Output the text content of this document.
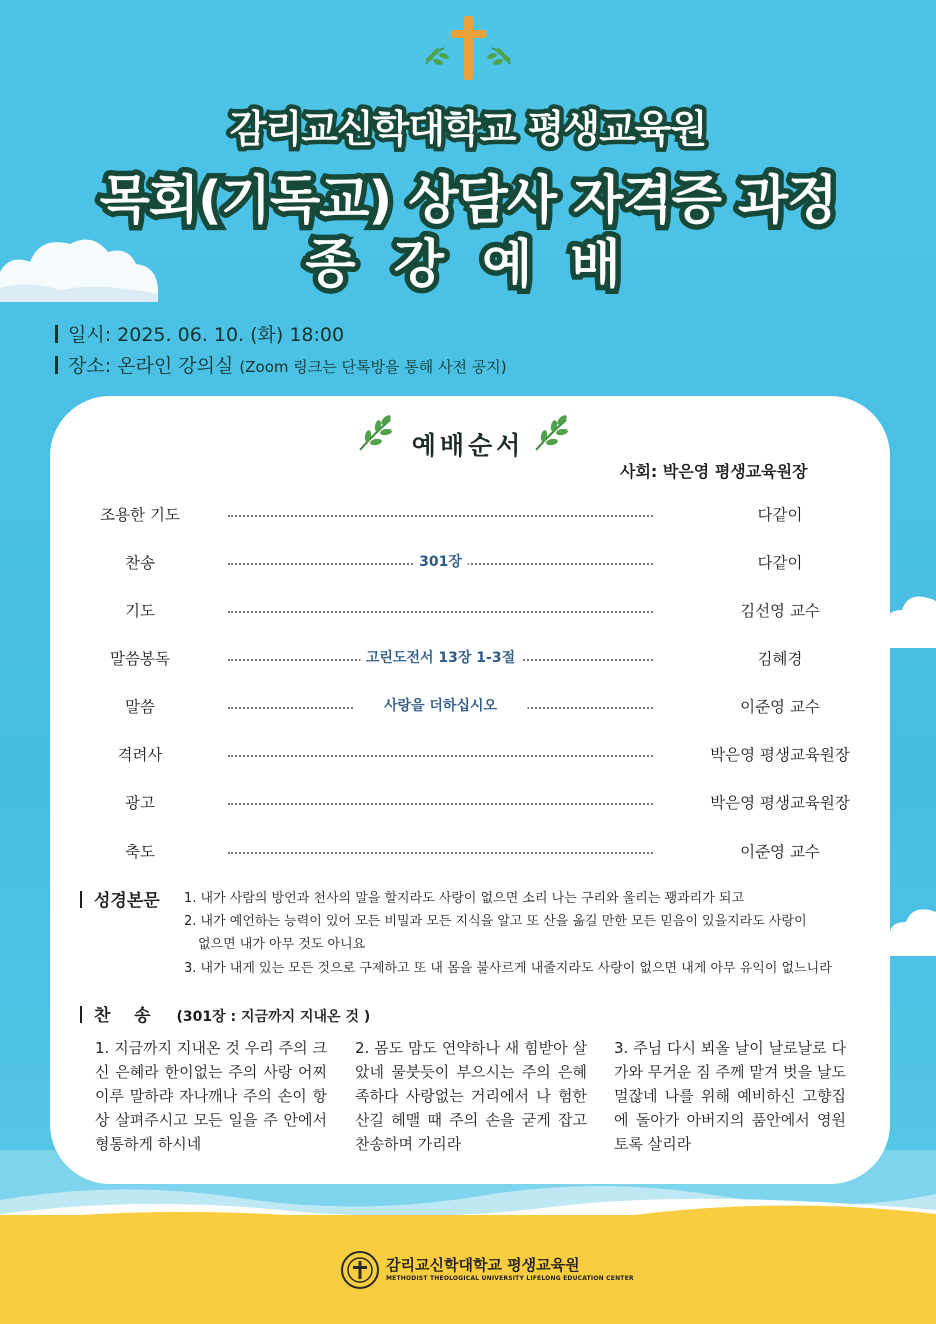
감리교신학대학교 평생교육원
목회(기독교) 상담사 자격증 과정
종 강 예 배
일시: 2025. 06. 10. (화) 18:00
장소: 온라인 강의실 (Zoom 링크는 단톡방을 통해 사전 공지)
예배순서
사회: 박은영 평생교육원장
조용한 기도	다같이
찬송	301장	다같이
기도	김선영 교수
말씀봉독	고린도전서 13장 1-3절	김혜경
말씀	사랑을 더하십시오	이준영 교수
격려사	박은영 평생교육원장
광고	박은영 평생교육원장
축도	이준영 교수
성경본문 1. 내가 사람의 방언과 천사의 말을 할지라도 사랑이 없으면 소리 나는 구리와 울리는 꽹과리가 되고
2. 내가 예언하는 능력이 있어 모든 비밀과 모든 지식을 알고 또 산을 옮길 만한 모든 믿음이 있을지라도 사랑이
없으면 내가 아무 것도 아니요
3. 내가 내게 있는 모든 것으로 구제하고 또 내 몸을 불사르게 내줄지라도 사랑이 없으면 내게 아무 유익이 없느니라
찬    송 (301장 : 지금까지 지내온 것 )
1. 지금까지 지내온 것 우리 주의 크신 은혜라 한이없는 주의 사랑 어찌 이루 말하랴 자나깨나 주의 손이 항상 살펴주시고 모든 일을 주 안에서 형통하게 하시네
2. 몸도 맘도 연약하나 새 힘받아 살았네 물붓듯이 부으시는 주의 은혜 족하다 사랑없는 거리에서 나 험한 산길 헤맬 때 주의 손을 굳게 잡고 찬송하며 가리라
3. 주님 다시 뵈올 날이 날로날로 다가와 무거운 짐 주께 맡겨 벗을 날도 멀잖네 나를 위해 예비하신 고향집에 돌아가 아버지의 품안에서 영원토록 살리라
감리교신학대학교 평생교육원
METHODIST THEOLOGICAL UNIVERSITY LIFELONG EDUCATION CENTER
